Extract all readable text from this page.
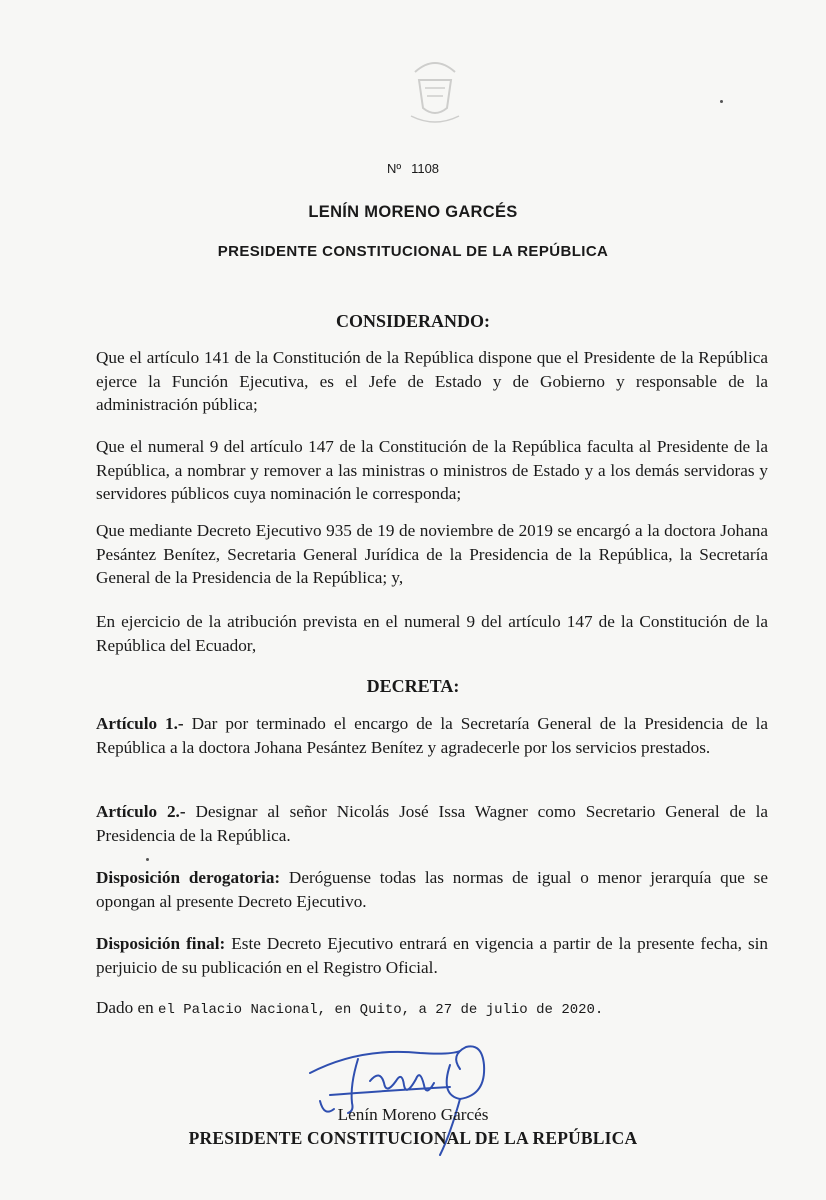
Nº 1108
LENÍN MORENO GARCÉS
PRESIDENTE CONSTITUCIONAL DE LA REPÚBLICA
CONSIDERANDO:

Que el artículo 141 de la Constitución de la República dispone que el Presidente de la República ejerce la Función Ejecutiva, es el Jefe de Estado y de Gobierno y responsable de la administración pública;

Que el numeral 9 del artículo 147 de la Constitución de la República faculta al Presidente de la República, a nombrar y remover a las ministras o ministros de Estado y a los demás servidoras y servidores públicos cuya nominación le corresponda;

Que mediante Decreto Ejecutivo 935 de 19 de noviembre de 2019 se encargó a la doctora Johana Pesántez Benítez, Secretaria General Jurídica de la Presidencia de la República, la Secretaría General de la Presidencia de la República; y,

En ejercicio de la atribución prevista en el numeral 9 del artículo 147 de la Constitución de la República del Ecuador,

DECRETA:

Artículo 1.- Dar por terminado el encargo de la Secretaría General de la Presidencia de la República a la doctora Johana Pesántez Benítez y agradecerle por los servicios prestados.

Artículo 2.- Designar al señor Nicolás José Issa Wagner como Secretario General de la Presidencia de la República.

Disposición derogatoria: Deróguense todas las normas de igual o menor jerarquía que se opongan al presente Decreto Ejecutivo.

Disposición final: Este Decreto Ejecutivo entrará en vigencia a partir de la presente fecha, sin perjuicio de su publicación en el Registro Oficial.

Dado en el Palacio Nacional, en Quito, a 27 de julio de 2020.

Lenín Moreno Garcés
PRESIDENTE CONSTITUCIONAL DE LA REPÚBLICA
